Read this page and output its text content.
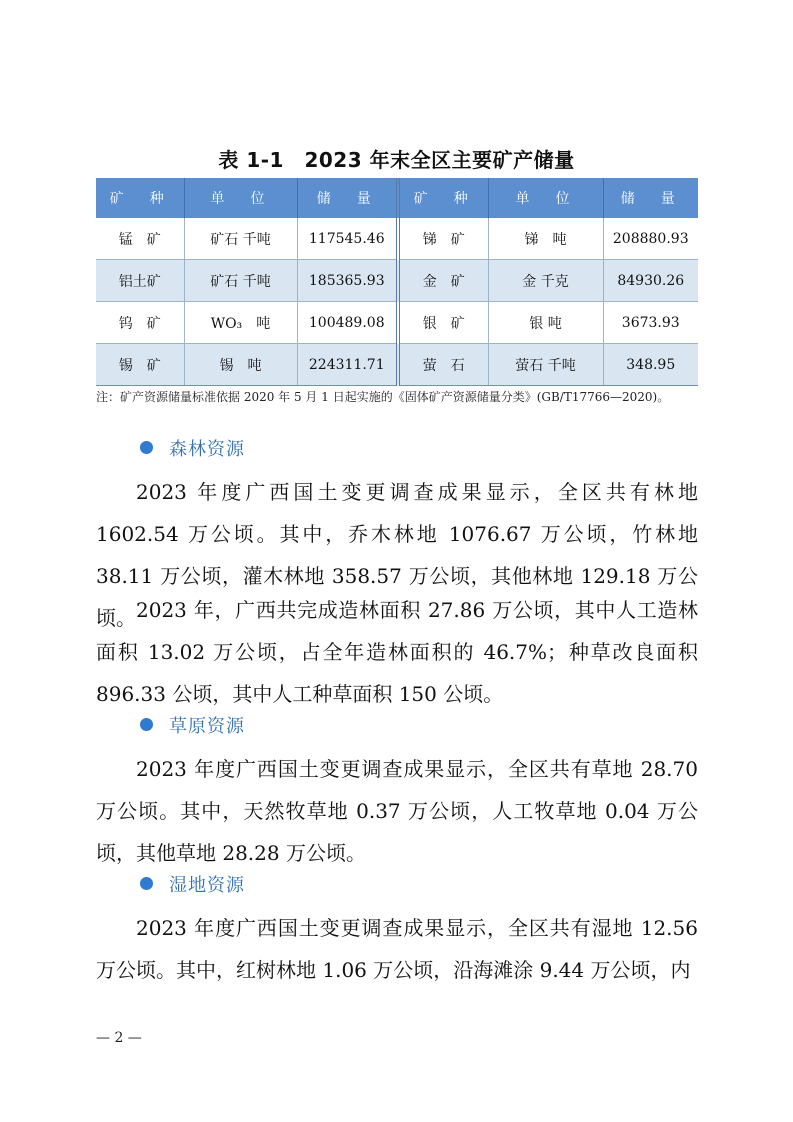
表 1-1　2023 年末全区主要矿产储量
矿　种	单　位	储　量	矿　种	单　位	储　量
锰　矿	矿石 千吨	117545.46	锑　矿	锑　吨	208880.93
铝土矿	矿石 千吨	185365.93	金　矿	金 千克	84930.26
钨　矿	WO₃　吨	100489.08	银　矿	银 吨	3673.93
锡　矿	锡　吨	224311.71	萤　石	萤石 千吨	348.95
注：矿产资源储量标准依据 2020 年 5 月 1 日起实施的《固体矿产资源储量分类》(GB/T17766—2020)。
森林资源

2023 年度广西国土变更调查成果显示，全区共有林地 1602.54 万公顷。其中，乔木林地 1076.67 万公顷，竹林地 38.11 万公顷，灌木林地 358.57 万公顷，其他林地 129.18 万公顷。 2023 年，广西共完成造林面积 27.86 万公顷，其中人工造林面积 13.02 万公顷，占全年造林面积的 46.7%；种草改良面积 896.33 公顷，其中人工种草面积 150 公顷。

草原资源

2023 年度广西国土变更调查成果显示，全区共有草地 28.70 万公顷。其中，天然牧草地 0.37 万公顷，人工牧草地 0.04 万公顷，其他草地 28.28 万公顷。

湿地资源

2023 年度广西国土变更调查成果显示，全区共有湿地 12.56 万公顷。其中，红树林地 1.06 万公顷，沿海滩涂 9.44 万公顷，内

— 2 —
